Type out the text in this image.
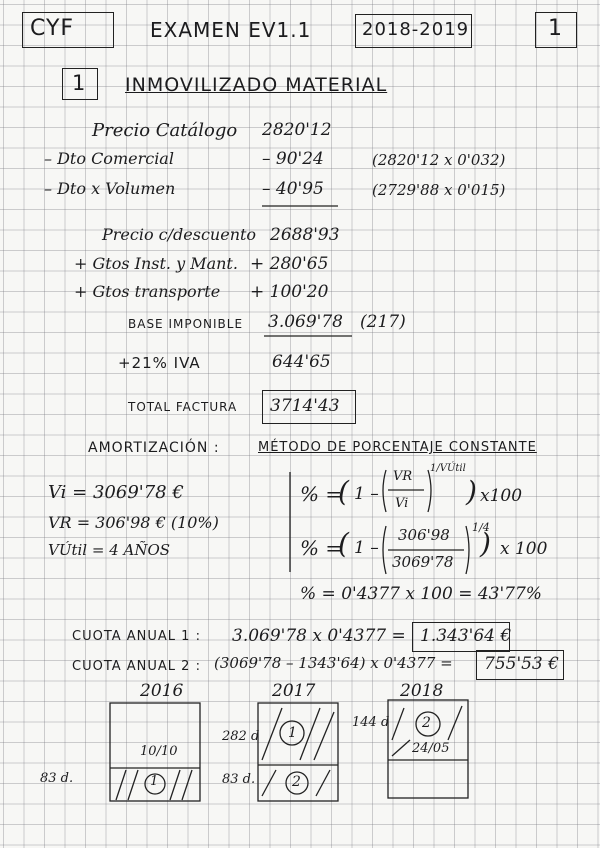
CYF	EXAMEN EV1.1	2018-2019	1
1 INMOVILIZADO MATERIAL
Precio Catálogo 2820'12
– Dto Comercial	– 90'24	(2820'12 x 0'032)
– Dto x Volumen	– 40'95	(2729'88 x 0'015)
Precio c/descuento 2688'93
+ Gtos Inst. y Mant. + 280'65
+ Gtos transporte + 100'20
BASE IMPONIBLE 3.069'78 (217)
+21% IVA	644'65
TOTAL FACTURA 3714'43
AMORTIZACIÓN :	MÉTODO DE PORCENTAJE CONSTANTE
Vi = 3069'78 €
VR = 306'98 € (10%)
VÚtil = 4 AÑOS
% =
( 1 –
VR
Vi
1/VÚtil
) x100
% =
( 1 –
306'98
3069'78
1/4
) x 100
% = 0'4377 x 100 = 43'77%
CUOTA ANUAL 1 : 3.069'78 x 0'4377 = 1.343'64 €
CUOTA ANUAL 2 : (3069'78 – 1343'64) x 0'4377 = 755'53 €
2016	2017	2018
83 d.
10/10
1
282 d
83 d.
1
2
144 d 2
24/05
